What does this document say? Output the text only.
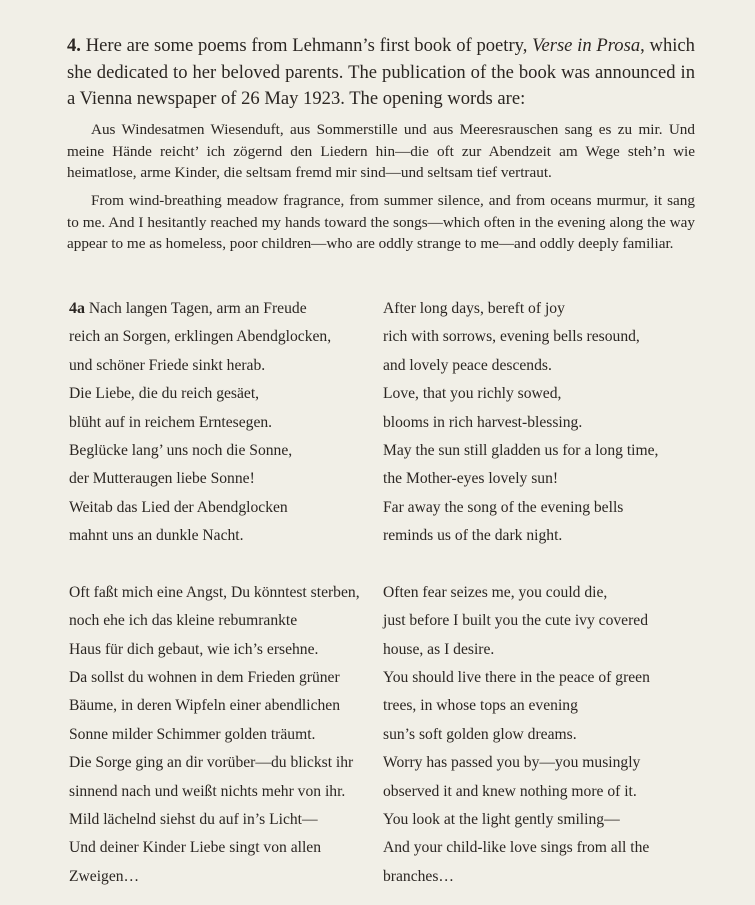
4. Here are some poems from Lehmann’s first book of poetry, Verse in Prosa, which she dedicated to her beloved parents. The publication of the book was announced in a Vienna newspaper of 26 May 1923. The opening words are:

Aus Windesatmen Wiesenduft, aus Sommerstille und aus Meeresrauschen sang es zu mir. Und meine Hände reicht’ ich zögernd den Liedern hin—die oft zur Abendzeit am Wege steh’n wie heimatlose, arme Kinder, die seltsam fremd mir sind—und seltsam tief vertraut.

From wind-breathing meadow fragrance, from summer silence, and from oceans murmur, it sang to me. And I hesitantly reached my hands toward the songs—which often in the evening along the way appear to me as homeless, poor children—who are oddly strange to me—and oddly deeply familiar.

4a Nach langen Tagen, arm an Freude
reich an Sorgen, erklingen Abendglocken,
und schöner Friede sinkt herab.
Die Liebe, die du reich gesäet,
blüht auf in reichem Erntesegen.
Beglücke lang’ uns noch die Sonne,
der Mutteraugen liebe Sonne!
Weitab das Lied der Abendglocken
mahnt uns an dunkle Nacht.
Oft faßt mich eine Angst, Du könntest sterben,
noch ehe ich das kleine rebumrankte
Haus für dich gebaut, wie ich’s ersehne.
Da sollst du wohnen in dem Frieden grüner
Bäume, in deren Wipfeln einer abendlichen
Sonne milder Schimmer golden träumt.
Die Sorge ging an dir vorüber—du blickst ihr
sinnend nach und weißt nichts mehr von ihr.
Mild lächelnd siehst du auf in’s Licht—
Und deiner Kinder Liebe singt von allen
Zweigen…
After long days, bereft of joy
rich with sorrows, evening bells resound,
and lovely peace descends.
Love, that you richly sowed,
blooms in rich harvest-blessing.
May the sun still gladden us for a long time,
the Mother-eyes lovely sun!
Far away the song of the evening bells
reminds us of the dark night.
Often fear seizes me, you could die,
just before I built you the cute ivy covered
house, as I desire.
You should live there in the peace of green
trees, in whose tops an evening
sun’s soft golden glow dreams.
Worry has passed you by—you musingly
observed it and knew nothing more of it.
You look at the light gently smiling—
And your child-like love sings from all the
branches…
